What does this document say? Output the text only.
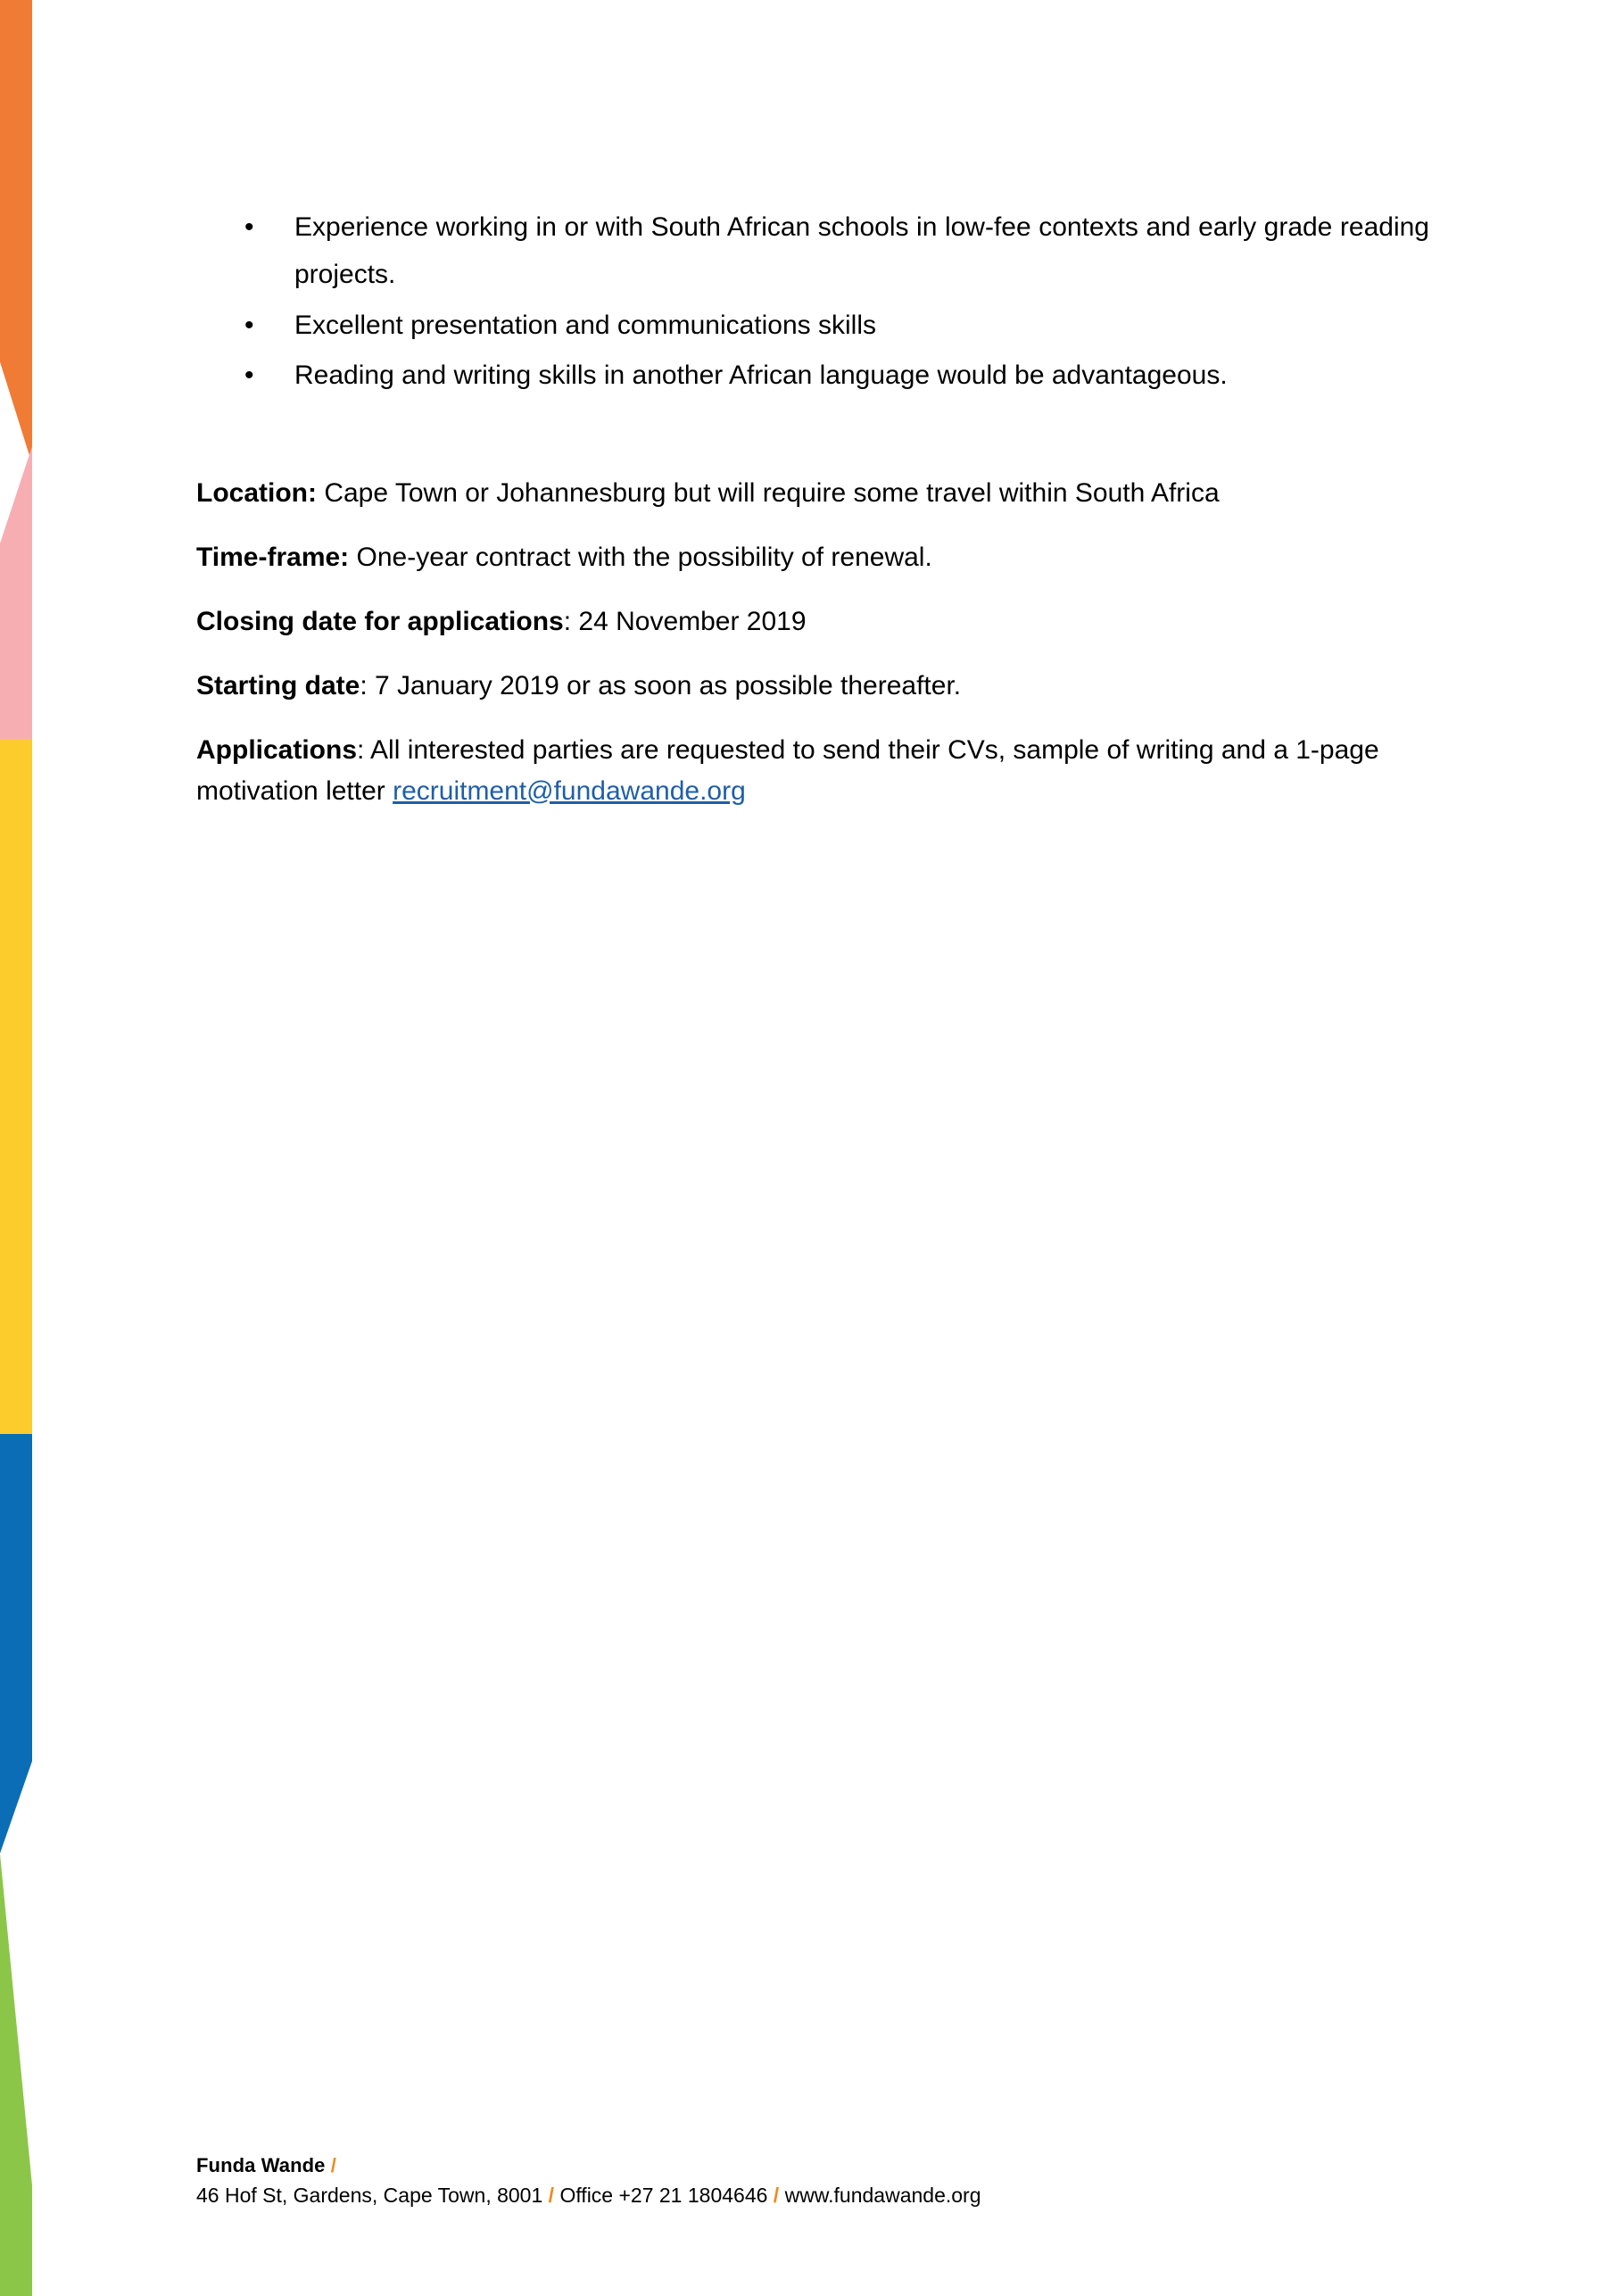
• Experience working in or with South African schools in low-fee contexts and early grade reading projects.
• Excellent presentation and communications skills
• Reading and writing skills in another African language would be advantageous.

Location: Cape Town or Johannesburg but will require some travel within South Africa

Time-frame: One-year contract with the possibility of renewal.

Closing date for applications: 24 November 2019

Starting date: 7 January 2019 or as soon as possible thereafter.

Applications: All interested parties are requested to send their CVs, sample of writing and a 1-page motivation letter recruitment@fundawande.org

Funda Wande /
46 Hof St, Gardens, Cape Town, 8001 / Office +27 21 1804646 / www.fundawande.org
